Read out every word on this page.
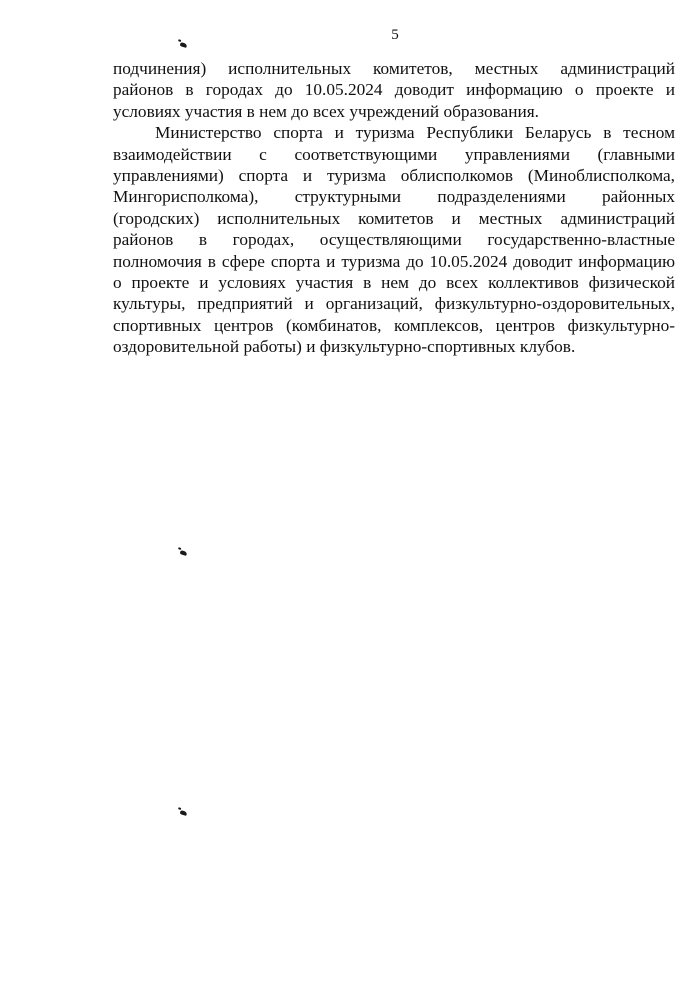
5
подчинения) исполнительных комитетов, местных администраций
районов в городах до 10.05.2024 доводит информацию о проекте и
условиях участия в нем до всех учреждений образования.
Министерство спорта и туризма Республики Беларусь в тесном
взаимодействии с соответствующими управлениями (главными
управлениями) спорта и туризма облисполкомов (Миноблисполкома,
Мингорисполкома), структурными подразделениями районных
(городских) исполнительных комитетов и местных администраций
районов в городах, осуществляющими государственно-властные
полномочия в сфере спорта и туризма до 10.05.2024 доводит информацию
о проекте и условиях участия в нем до всех коллективов физической
культуры, предприятий и организаций, физкультурно-оздоровительных,
спортивных центров (комбинатов, комплексов, центров физкультурно-
оздоровительной работы) и физкультурно-спортивных клубов.
